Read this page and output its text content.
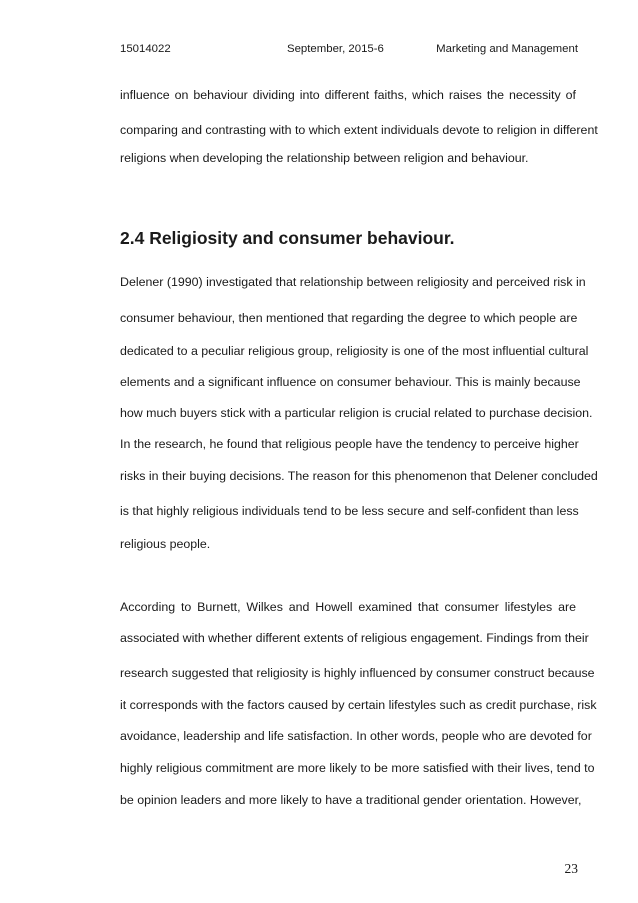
15014022	September, 2015-6	Marketing and Management
influence on behaviour dividing into different faiths, which raises the necessity of
comparing and contrasting with to which extent individuals devote to religion in different
religions when developing the relationship between religion and behaviour.
2.4 Religiosity and consumer behaviour.
Delener (1990) investigated that relationship between religiosity and perceived risk in
consumer behaviour, then mentioned that regarding the degree to which people are
dedicated to a peculiar religious group, religiosity is one of the most influential cultural
elements and a significant influence on consumer behaviour. This is mainly because
how much buyers stick with a particular religion is crucial related to purchase decision.
In the research, he found that religious people have the tendency to perceive higher
risks in their buying decisions. The reason for this phenomenon that Delener concluded
is that highly religious individuals tend to be less secure and self-confident than less
religious people.
According to Burnett, Wilkes and Howell examined that consumer lifestyles are
associated with whether different extents of religious engagement. Findings from their
research suggested that religiosity is highly influenced by consumer construct because
it corresponds with the factors caused by certain lifestyles such as credit purchase, risk
avoidance, leadership and life satisfaction. In other words, people who are devoted for
highly religious commitment are more likely to be more satisfied with their lives, tend to
be opinion leaders and more likely to have a traditional gender orientation. However,
23
